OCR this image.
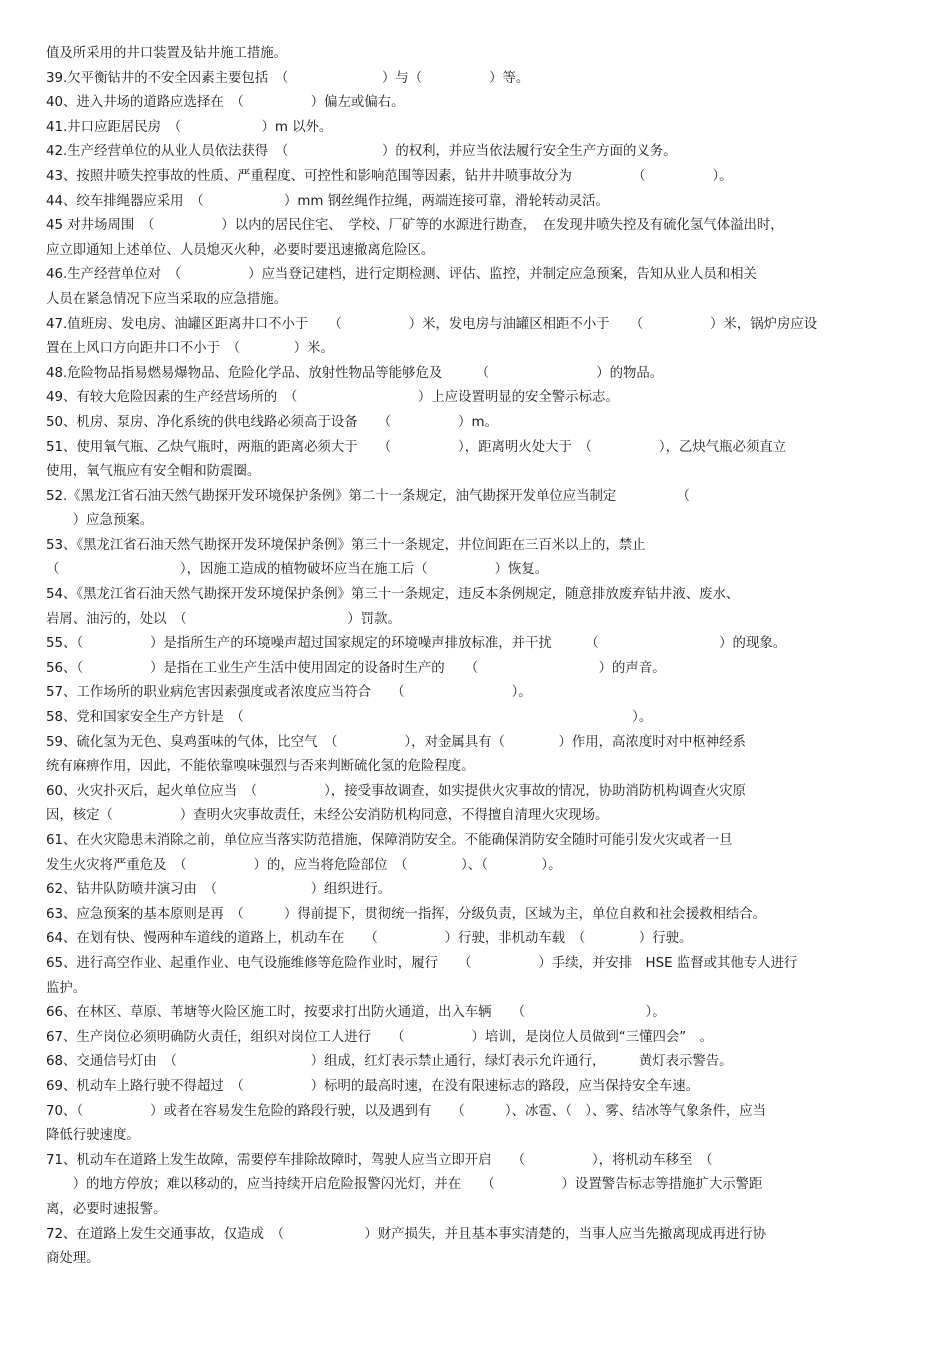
值及所采用的井口装置及钻井施工措施。
39.欠平衡钻井的不安全因素主要包括　（　　　　　　　）与（　　　　　）等。
40、进入井场的道路应选择在　（　　　　　）偏左或偏右。
41.井口应距居民房　（　　　　　　）m 以外。
42.生产经营单位的从业人员依法获得　（　　　　　　　）的权利，并应当依法履行安全生产方面的义务。
43、按照井喷失控事故的性质、严重程度、可控性和影响范围等因素，钻井井喷事故分为　　　　　（　　　　　）。
44、绞车排绳器应采用　（　　　　　　）mm 钢丝绳作拉绳，两端连接可靠，滑轮转动灵活。
45 对井场周围　（　　　　　）以内的居民住宅、　学校、厂矿等的水源进行勘查，　在发现井喷失控及有硫化氢气体溢出时，
应立即通知上述单位、人员熄灭火种，必要时要迅速撤离危险区。
46.生产经营单位对　（　　　　　）应当登记建档，进行定期检测、评估、监控，并制定应急预案，告知从业人员和相关
人员在紧急情况下应当采取的应急措施。
47.值班房、发电房、油罐区距离井口不小于　　（　　　　　）米，发电房与油罐区相距不小于　　（　　　　　）米，锅炉房应设
置在上风口方向距井口不小于　（　　　　）米。
48.危险物品指易燃易爆物品、危险化学品、放射性物品等能够危及　　　（　　　　　　　　）的物品。
49、有较大危险因素的生产经营场所的　（　　　　　　　　　）上应设置明显的安全警示标志。
50、机房、泵房、净化系统的供电线路必须高于设备　　（　　　　　）m。
51、使用氧气瓶、乙炔气瓶时，两瓶的距离必须大于　　（　　　　　），距离明火处大于　（　　　　　），乙炔气瓶必须直立
使用，氧气瓶应有安全帽和防震圈。
52.《黑龙江省石油天然气勘探开发环境保护条例》第二十一条规定，油气勘探开发单位应当制定　　　　　（
　　）应急预案。
53、《黑龙江省石油天然气勘探开发环境保护条例》第三十一条规定，井位间距在三百米以上的，禁止
（　　　　　　　　　），因施工造成的植物破坏应当在施工后（　　　　　）恢复。
54、《黑龙江省石油天然气勘探开发环境保护条例》第三十一条规定，违反本条例规定，随意排放废弃钻井液、废水、
岩屑、油污的，处以　（　　　　　　　　　　　　）罚款。
55、（　　　　　）是指所生产的环境噪声超过国家规定的环境噪声排放标准，并干扰　　　（　　　　　　　　　）的现象。
56、（　　　　　）是指在工业生产生活中使用固定的设备时生产的　　（　　　　　　　　　）的声音。
57、工作场所的职业病危害因素强度或者浓度应当符合　　（　　　　　　　　）。
58、党和国家安全生产方针是　（　　　　　　　　　　　　　　　　　　　　　　　　　　　　　）。
59、硫化氢为无色、臭鸡蛋味的气体，比空气　（　　　　　），对金属具有（　　　　）作用，高浓度时对中枢神经系
统有麻痹作用，因此，不能依靠嗅味强烈与否来判断硫化氢的危险程度。
60、火灾扑灭后，起火单位应当　（　　　　　），接受事故调查，如实提供火灾事故的情况，协助消防机构调查火灾原
因，核定（　　　　　）查明火灾事故责任，未经公安消防机构同意，不得擅自清理火灾现场。
61、在火灾隐患未消除之前，单位应当落实防范措施，保障消防安全。不能确保消防安全随时可能引发火灾或者一旦
发生火灾将严重危及　（　　　　　）的，应当将危险部位　（　　　　）、（　　　　）。
62、钻井队防喷井演习由　（　　　　　　　）组织进行。
63、应急预案的基本原则是再　（　　　）得前提下，贯彻统一指挥，分级负责，区域为主，单位自救和社会援救相结合。
64、在划有快、慢两种车道线的道路上，机动车在　　（　　　　　）行驶，非机动车载　（　　　　）行驶。
65、进行高空作业、起重作业、电气设施维修等危险作业时，履行　　（　　　　　）手续，并安排　HSE 监督或其他专人进行
监护。
66、在林区、草原、苇塘等火险区施工时，按要求打出防火通道，出入车辆　　（　　　　　　　　　）。
67、生产岗位必须明确防火责任，组织对岗位工人进行　　（　　　　　）培训，是岗位人员做到“三懂四会”　。
68、交通信号灯由　（　　　　　　　　　　）组成，红灯表示禁止通行，绿灯表示允许通行，　　　黄灯表示警告。
69、机动车上路行驶不得超过　（　　　　　）标明的最高时速，在没有限速标志的路段，应当保持安全车速。
70、（　　　　　）或者在容易发生危险的路段行驶，以及遇到有　　（　　　）、冰雹、（　）、雾、结冰等气象条件，应当
降低行驶速度。
71、机动车在道路上发生故障，需要停车排除故障时，驾驶人应当立即开启　　（　　　　　），将机动车移至　（
　　）的地方停放；难以移动的，应当持续开启危险报警闪光灯，并在　　（　　　　　）设置警告标志等措施扩大示警距
离，必要时速报警。
72、在道路上发生交通事故，仅造成　（　　　　　　）财产损失，并且基本事实清楚的，当事人应当先撤离现成再进行协
商处理。
